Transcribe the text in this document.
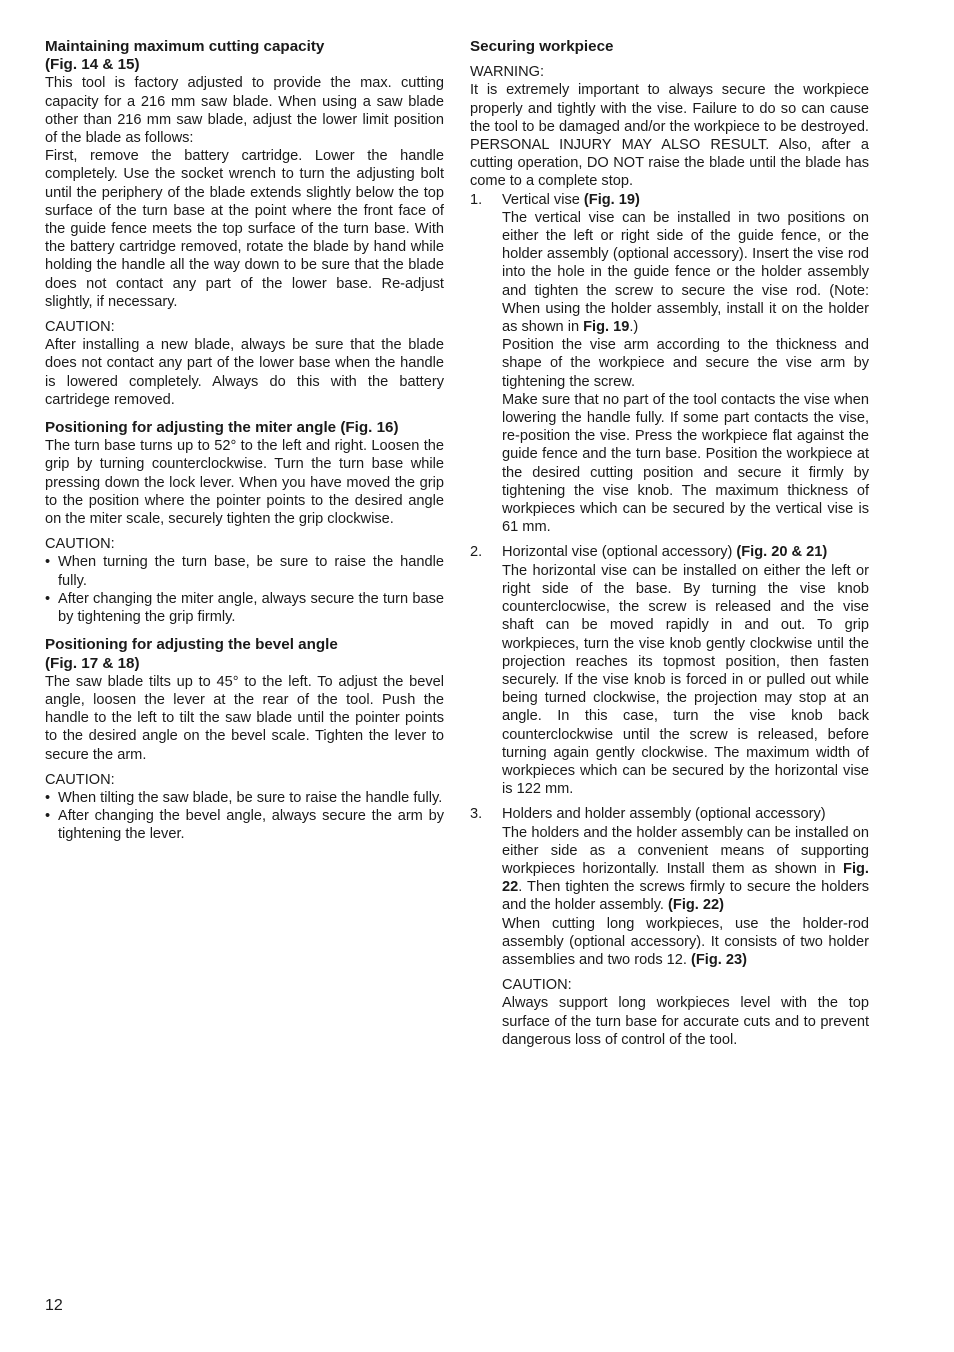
Maintaining maximum cutting capacity
(Fig. 14 & 15)

This tool is factory adjusted to provide the max. cutting capacity for a 216 mm saw blade. When using a saw blade other than 216 mm saw blade, adjust the lower limit position of the blade as follows:

First, remove the battery cartridge. Lower the handle completely. Use the socket wrench to turn the adjusting bolt until the periphery of the blade extends slightly below the top surface of the turn base at the point where the front face of the guide fence meets the top surface of the turn base. With the battery cartridge removed, rotate the blade by hand while holding the handle all the way down to be sure that the blade does not contact any part of the lower base. Re-adjust slightly, if necessary.

CAUTION:

After installing a new blade, always be sure that the blade does not contact any part of the lower base when the handle is lowered completely. Always do this with the battery cartridege removed.

Positioning for adjusting the miter angle (Fig. 16)

The turn base turns up to 52° to the left and right. Loosen the grip by turning counterclockwise. Turn the turn base while pressing down the lock lever. When you have moved the grip to the position where the pointer points to the desired angle on the miter scale, securely tighten the grip clockwise.

CAUTION:

• When turning the turn base, be sure to raise the handle fully.
• After changing the miter angle, always secure the turn base by tightening the grip firmly.
Positioning for adjusting the bevel angle
(Fig. 17 & 18)

The saw blade tilts up to 45° to the left. To adjust the bevel angle, loosen the lever at the rear of the tool. Push the handle to the left to tilt the saw blade until the pointer points to the desired angle on the bevel scale. Tighten the lever to secure the arm.

CAUTION:

• When tilting the saw blade, be sure to raise the handle fully.
• After changing the bevel angle, always secure the arm by tightening the lever.
Securing workpiece

WARNING:

It is extremely important to always secure the workpiece properly and tightly with the vise. Failure to do so can cause the tool to be damaged and/or the workpiece to be destroyed. PERSONAL INJURY MAY ALSO RESULT. Also, after a cutting operation, DO NOT raise the blade until the blade has come to a complete stop.

1. Vertical vise (Fig. 19)

The vertical vise can be installed in two positions on either the left or right side of the guide fence, or the holder assembly (optional accessory). Insert the vise rod into the hole in the guide fence or the holder assembly and tighten the screw to secure the vise rod. (Note: When using the holder assembly, install it on the holder as shown in Fig. 19.)

Position the vise arm according to the thickness and shape of the workpiece and secure the vise arm by tightening the screw.

Make sure that no part of the tool contacts the vise when lowering the handle fully. If some part contacts the vise, re-position the vise. Press the workpiece flat against the guide fence and the turn base. Position the workpiece at the desired cutting position and secure it firmly by tightening the vise knob. The maximum thickness of workpieces which can be secured by the vertical vise is 61 mm.

2. Horizontal vise (optional accessory) (Fig. 20 & 21)

The horizontal vise can be installed on either the left or right side of the base. By turning the vise knob counterclocwise, the screw is released and the vise shaft can be moved rapidly in and out. To grip workpieces, turn the vise knob gently clockwise until the projection reaches its topmost position, then fasten securely. If the vise knob is forced in or pulled out while being turned clockwise, the projection may stop at an angle. In this case, turn the vise knob back counterclockwise until the screw is released, before turning again gently clockwise. The maximum width of workpieces which can be secured by the horizontal vise is 122 mm.

3. Holders and holder assembly (optional accessory)

The holders and the holder assembly can be installed on either side as a convenient means of supporting workpieces horizontally. Install them as shown in Fig. 22. Then tighten the screws firmly to secure the holders and the holder assembly. (Fig. 22)

When cutting long workpieces, use the holder-rod assembly (optional accessory). It consists of two holder assemblies and two rods 12. (Fig. 23)

CAUTION:

Always support long workpieces level with the top surface of the turn base for accurate cuts and to prevent dangerous loss of control of the tool.

12
